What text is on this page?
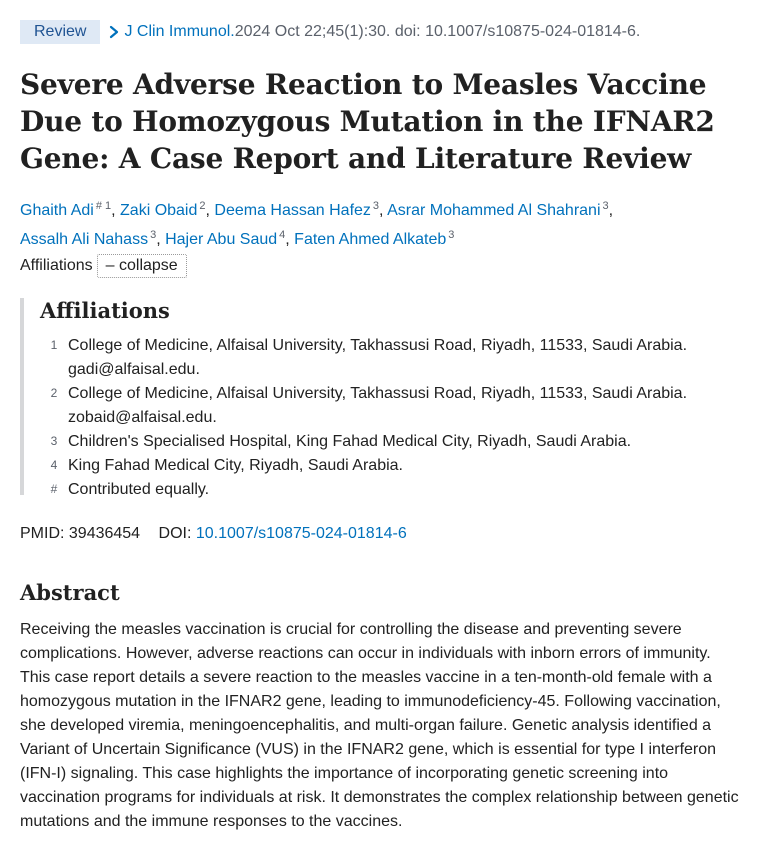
Review	J Clin Immunol. 2024 Oct 22;45(1):30. doi: 10.1007/s10875-024-01814-6.
Severe Adverse Reaction to Measles Vaccine Due to Homozygous Mutation in the IFNAR2 Gene: A Case Report and Literature Review
Ghaith Adi $^{\# 1}$, Zaki Obaid $^2$, Deema Hassan Hafez $^3$, Asrar Mohammed Al Shahrani $^3$,
Assalh Ali Nahass $^3$, Hajer Abu Saud $^4$, Faten Ahmed Alkateb $^3$
Affiliations – collapse
Affiliations
1 College of Medicine, Alfaisal University, Takhassusi Road, Riyadh, 11533, Saudi Arabia. gadi@alfaisal.edu.
2 College of Medicine, Alfaisal University, Takhassusi Road, Riyadh, 11533, Saudi Arabia. zobaid@alfaisal.edu.
3 Children's Specialised Hospital, King Fahad Medical City, Riyadh, Saudi Arabia.
4 King Fahad Medical City, Riyadh, Saudi Arabia.
# Contributed equally.
PMID: 39436454 DOI: 10.1007/s10875-024-01814-6
Abstract

Receiving the measles vaccination is crucial for controlling the disease and preventing severe complications. However, adverse reactions can occur in individuals with inborn errors of immunity. This case report details a severe reaction to the measles vaccine in a ten-month-old female with a homozygous mutation in the IFNAR2 gene, leading to immunodeficiency-45. Following vaccination, she developed viremia, meningoencephalitis, and multi-organ failure. Genetic analysis identified a Variant of Uncertain Significance (VUS) in the IFNAR2 gene, which is essential for type I interferon (IFN-I) signaling. This case highlights the importance of incorporating genetic screening into vaccination programs for individuals at risk. It demonstrates the complex relationship between genetic mutations and the immune responses to the vaccines.
